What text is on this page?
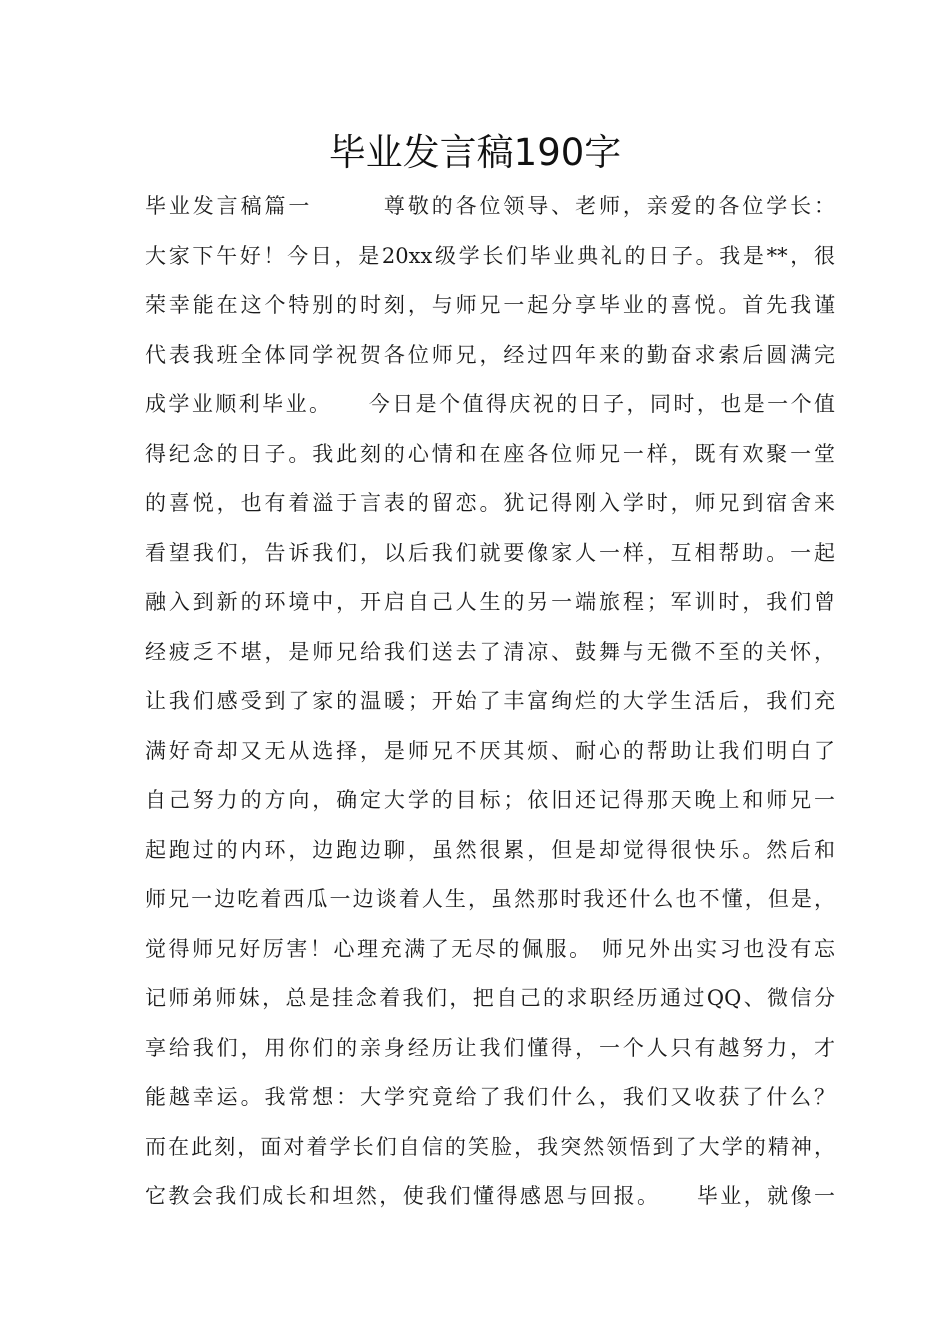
毕业发言稿190字
毕业发言稿篇一　　　尊敬的各位领导、老师，亲爱的各位学长：
大家下午好！今日，是20xx级学长们毕业典礼的日子。我是**，很
荣幸能在这个特别的时刻，与师兄一起分享毕业的喜悦。首先我谨
代表我班全体同学祝贺各位师兄，经过四年来的勤奋求索后圆满完
成学业顺利毕业。　　今日是个值得庆祝的日子，同时，也是一个值
得纪念的日子。我此刻的心情和在座各位师兄一样，既有欢聚一堂
的喜悦，也有着溢于言表的留恋。犹记得刚入学时，师兄到宿舍来
看望我们，告诉我们，以后我们就要像家人一样，互相帮助。一起
融入到新的环境中，开启自己人生的另一端旅程；军训时，我们曾
经疲乏不堪，是师兄给我们送去了清凉、鼓舞与无微不至的关怀，
让我们感受到了家的温暖；开始了丰富绚烂的大学生活后，我们充
满好奇却又无从选择，是师兄不厌其烦、耐心的帮助让我们明白了
自己努力的方向，确定大学的目标；依旧还记得那天晚上和师兄一
起跑过的内环，边跑边聊，虽然很累，但是却觉得很快乐。然后和
师兄一边吃着西瓜一边谈着人生，虽然那时我还什么也不懂，但是，
觉得师兄好厉害！心理充满了无尽的佩服。 师兄外出实习也没有忘
记师弟师妹，总是挂念着我们，把自己的求职经历通过QQ、微信分
享给我们，用你们的亲身经历让我们懂得，一个人只有越努力，才
能越幸运。我常想：大学究竟给了我们什么，我们又收获了什么？
而在此刻，面对着学长们自信的笑脸，我突然领悟到了大学的精神，
它教会我们成长和坦然，使我们懂得感恩与回报。　　毕业，就像一
